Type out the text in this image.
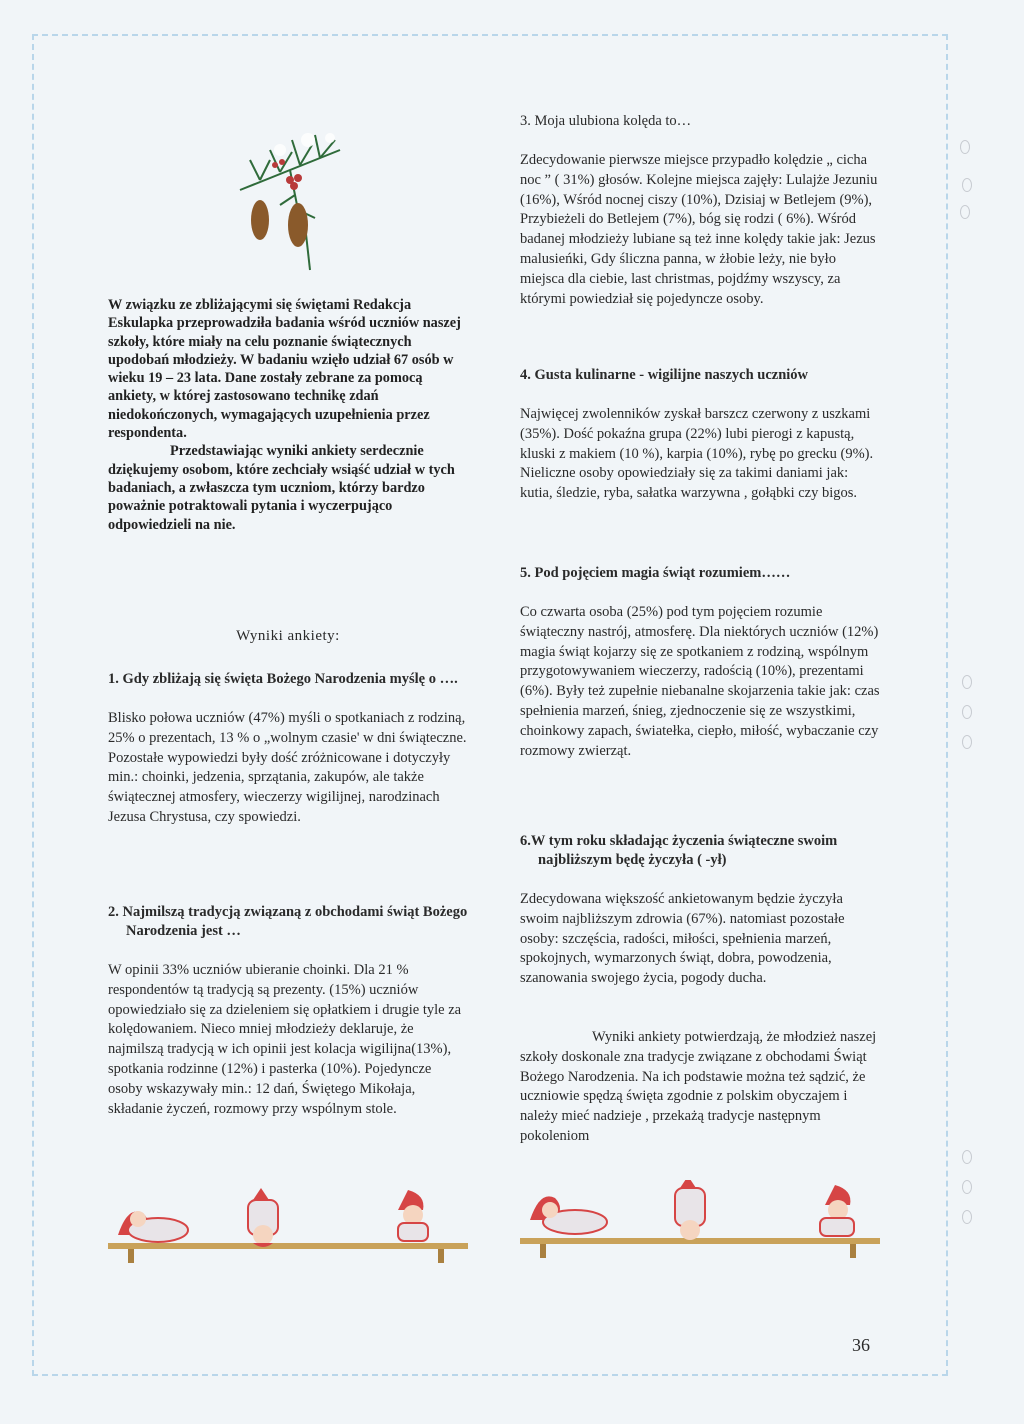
W związku ze zbliżającymi się świętami Redakcja Eskulapka przeprowadziła badania wśród uczniów naszej szkoły, które miały na celu poznanie świątecznych upodobań młodzieży. W badaniu wzięło udział 67 osób w wieku 19 – 23 lata. Dane zostały zebrane za pomocą ankiety, w której zastosowano technikę zdań niedokończonych, wymagających uzupełnienia przez respondenta.

Przedstawiając wyniki ankiety serdecznie dziękujemy osobom, które zechciały wsiąść udział w tych badaniach, a zwłaszcza tym uczniom, którzy bardzo poważnie potraktowali pytania i wyczerpująco odpowiedzieli na nie.

Wyniki ankiety:

1. Gdy zbliżają się święta Bożego Narodzenia myślę o ….

Blisko połowa uczniów (47%) myśli o spotkaniach z rodziną, 25% o prezentach, 13 % o „wolnym czasie' w dni świąteczne. Pozostałe wypowiedzi były dość zróżnicowane i dotyczyły min.: choinki, jedzenia, sprzątania, zakupów, ale także świątecznej atmosfery, wieczerzy wigilijnej, narodzinach Jezusa Chrystusa, czy spowiedzi.

2. Najmilszą tradycją związaną z obchodami świąt Bożego Narodzenia jest …

W opinii 33% uczniów ubieranie choinki. Dla 21 % respondentów tą tradycją są prezenty. (15%) uczniów opowiedziało się za dzieleniem się opłatkiem i drugie tyle za kolędowaniem. Nieco mniej młodzieży deklaruje, że najmilszą tradycją w ich opinii jest kolacja wigilijna(13%), spotkania rodzinne (12%) i pasterka (10%). Pojedyncze osoby wskazywały min.: 12 dań, Świętego Mikołaja, składanie życzeń, rozmowy przy wspólnym stole.

3. Moja ulubiona kolęda to…

Zdecydowanie pierwsze miejsce przypadło kolędzie „ cicha noc ” ( 31%) głosów. Kolejne miejsca zajęły: Lulajże Jezuniu (16%), Wśród nocnej ciszy (10%), Dzisiaj w Betlejem (9%), Przybieżeli do Betlejem (7%), bóg się rodzi ( 6%). Wśród badanej młodzieży lubiane są też inne kolędy takie jak: Jezus malusieńki, Gdy śliczna panna, w żłobie leży, nie było miejsca dla ciebie, last christmas, pojdźmy wszyscy, za którymi powiedział się pojedyncze osoby.

4. Gusta kulinarne - wigilijne naszych uczniów

Najwięcej zwolenników zyskał barszcz czerwony z uszkami (35%). Dość pokaźna grupa (22%) lubi pierogi z kapustą, kluski z makiem (10 %), karpia (10%), rybę po grecku (9%). Nieliczne osoby opowiedziały się za takimi daniami jak: kutia, śledzie, ryba, sałatka warzywna , gołąbki czy bigos.

5. Pod pojęciem magia świąt rozumiem……

Co czwarta osoba (25%) pod tym pojęciem rozumie świąteczny nastrój, atmosferę. Dla niektórych uczniów (12%) magia świąt kojarzy się ze spotkaniem z rodziną, wspólnym przygotowywaniem wieczerzy, radością (10%), prezentami (6%). Były też zupełnie niebanalne skojarzenia takie jak: czas spełnienia marzeń, śnieg, zjednoczenie się ze wszystkimi, choinkowy zapach, światełka, ciepło, miłość, wybaczanie czy rozmowy zwierząt.

6.W tym roku składając życzenia świąteczne swoim najbliższym będę życzyła ( -ył)

Zdecydowana większość ankietowanym będzie życzyła swoim najbliższym zdrowia (67%). natomiast pozostałe osoby: szczęścia, radości, miłości, spełnienia marzeń, spokojnych, wymarzonych świąt, dobra, powodzenia, szanowania swojego życia, pogody ducha.

Wyniki ankiety potwierdzają, że młodzież naszej szkoły doskonale zna tradycje związane z obchodami Świąt Bożego Narodzenia. Na ich podstawie można też sądzić, że uczniowie spędzą święta zgodnie z polskim obyczajem i należy mieć nadzieje , przekażą tradycje następnym pokoleniom

36
